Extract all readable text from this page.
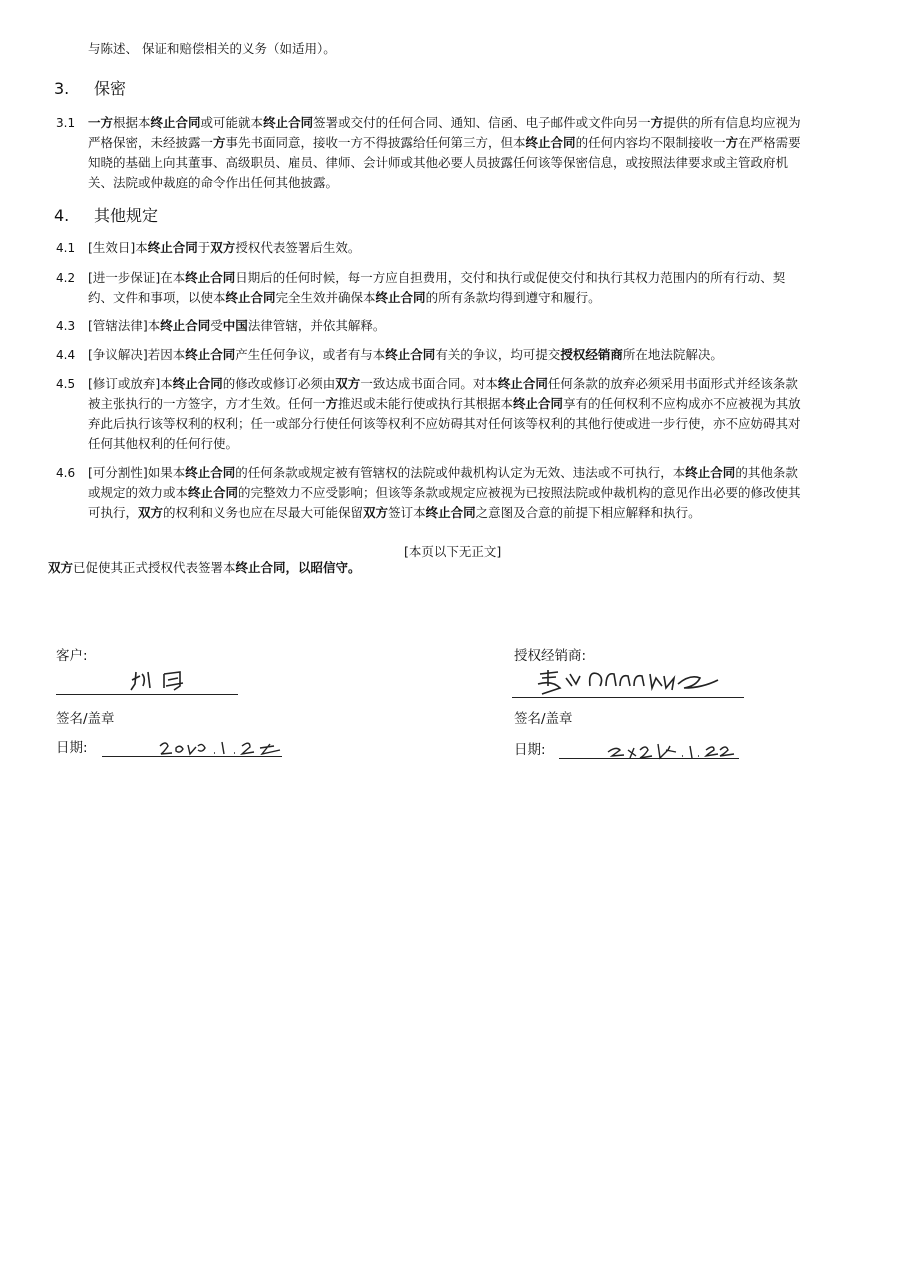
与陈述、 保证和赔偿相关的义务（如适用）。
3. 保密
3.1 一方根据本终止合同或可能就本终止合同签署或交付的任何合同、通知、信函、电子邮件或文件向另一方提供的所有信息均应视为
严格保密，未经披露一方事先书面同意，接收一方不得披露给任何第三方，但本终止合同的任何内容均不限制接收一方在严格需要
知晓的基础上向其董事、高级职员、雇员、律师、会计师或其他必要人员披露任何该等保密信息，或按照法律要求或主管政府机
关、法院或仲裁庭的命令作出任何其他披露。
4. 其他规定
4.1 [生效日]本终止合同于双方授权代表签署后生效。
4.2 [进一步保证]在本终止合同日期后的任何时候，每一方应自担费用，交付和执行或促使交付和执行其权力范围内的所有行动、契
约、文件和事项，以使本终止合同完全生效并确保本终止合同的所有条款均得到遵守和履行。
4.3 [管辖法律]本终止合同受中国法律管辖，并依其解释。
4.4 [争议解决]若因本终止合同产生任何争议，或者有与本终止合同有关的争议，均可提交授权经销商所在地法院解决。
4.5 [修订或放弃]本终止合同的修改或修订必须由双方一致达成书面合同。对本终止合同任何条款的放弃必须采用书面形式并经该条款
被主张执行的一方签字，方才生效。任何一方推迟或未能行使或执行其根据本终止合同享有的任何权利不应构成亦不应被视为其放
弃此后执行该等权利的权利；任一或部分行使任何该等权利不应妨碍其对任何该等权利的其他行使或进一步行使，亦不应妨碍其对
任何其他权利的任何行使。
4.6 [可分割性]如果本终止合同的任何条款或规定被有管辖权的法院或仲裁机构认定为无效、违法或不可执行，本终止合同的其他条款
或规定的效力或本终止合同的完整效力不应受影响；但该等条款或规定应被视为已按照法院或仲裁机构的意见作出必要的修改使其
可执行，双方的权利和义务也应在尽最大可能保留双方签订本终止合同之意图及合意的前提下相应解释和执行。
[本页以下无正文]
双方已促使其正式授权代表签署本终止合同，以昭信守。
客户:
签名/盖章
日期:
授权经销商:
签名/盖章
日期:
